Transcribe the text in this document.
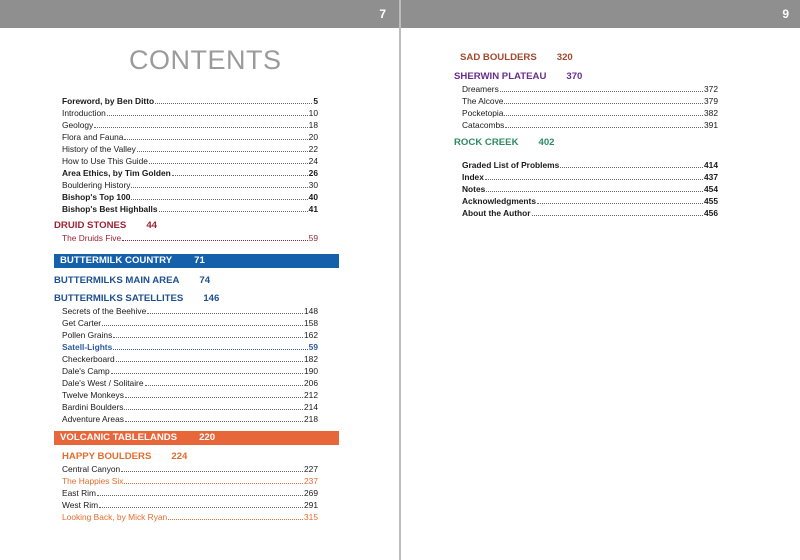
7
CONTENTS
Foreword, by Ben Ditto	5
Introduction	10
Geology	18
Flora and Fauna	20
History of the Valley	22
How to Use This Guide	24
Area Ethics, by Tim Golden	26
Bouldering History	30
Bishop's Top 100	40
Bishop's Best Highballs	41
DRUID STONES 44
The Druids Five	59
BUTTERMILK COUNTRY 71
BUTTERMILKS MAIN AREA 74
BUTTERMILKS SATELLITES 146
Secrets of the Beehive	148
Get Carter	158
Pollen Grains	162
Satell-Lights	59
Checkerboard	182
Dale's Camp	190
Dale's West / Solitaire	206
Twelve Monkeys	212
Bardini Boulders	214
Adventure Areas	218
VOLCANIC TABLELANDS 220
HAPPY BOULDERS 224
Central Canyon	227
The Happies Six	237
East Rim	269
West Rim	291
Looking Back, by Mick Ryan	315
9
SAD BOULDERS 320
SHERWIN PLATEAU 370
Dreamers	372
The Alcove	379
Pocketopia	382
Catacombs	391
ROCK CREEK 402
Graded List of Problems	414
Index	437
Notes	454
Acknowledgments	455
About the Author	456
